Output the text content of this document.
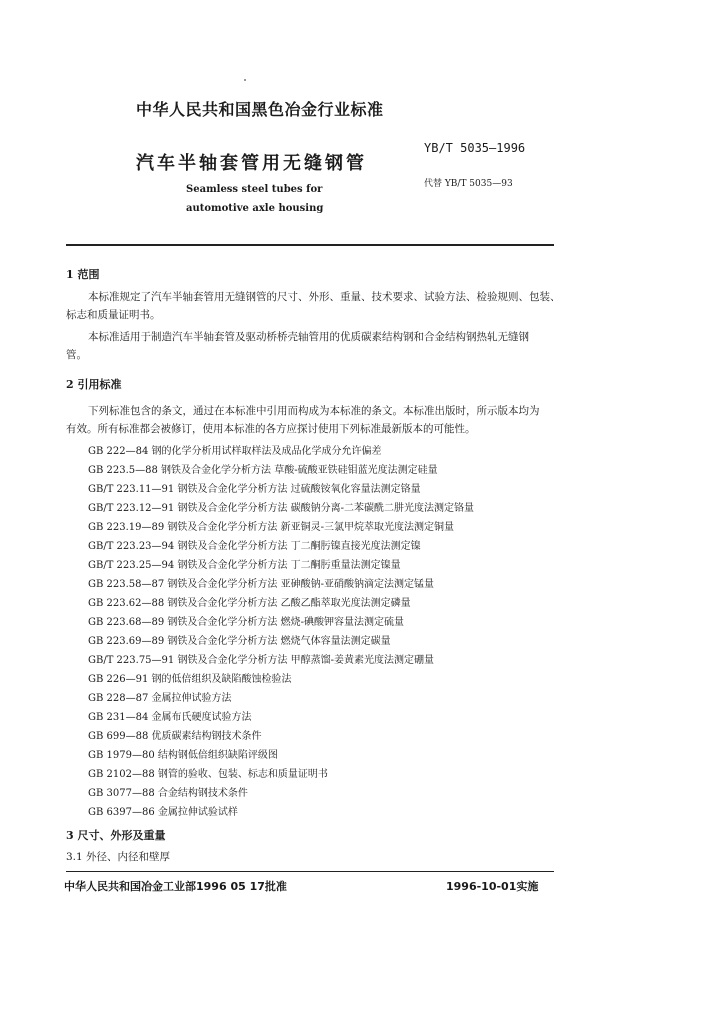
中华人民共和国黑色冶金行业标准
YB/T 5035—1996
汽车半轴套管用无缝钢管
代替 YB/T 5035—93
Seamless steel tubes for
automotive axle housing
1 范围
本标准规定了汽车半轴套管用无缝钢管的尺寸、外形、重量、技术要求、试验方法、检验规则、包装、
标志和质量证明书。
本标准适用于制造汽车半轴套管及驱动桥桥壳轴管用的优质碳素结构钢和合金结构钢热轧无缝钢
管。
2 引用标准
下列标准包含的条文，通过在本标准中引用而构成为本标准的条文。本标准出版时，所示版本均为
有效。所有标准都会被修订，使用本标准的各方应探讨使用下列标准最新版本的可能性。
GB 222—84 钢的化学分析用试样取样法及成品化学成分允许偏差
GB 223.5—88 钢铁及合金化学分析方法 草酸-硫酸亚铁硅钼蓝光度法测定硅量
GB/T 223.11—91 钢铁及合金化学分析方法 过硫酸铵氧化容量法测定铬量
GB/T 223.12—91 钢铁及合金化学分析方法 碳酸钠分离-二苯碳酰二肼光度法测定铬量
GB 223.19—89 钢铁及合金化学分析方法 新亚铜灵-三氯甲烷萃取光度法测定铜量
GB/T 223.23—94 钢铁及合金化学分析方法 丁二酮肟镍直接光度法测定镍
GB/T 223.25—94 钢铁及合金化学分析方法 丁二酮肟重量法测定镍量
GB 223.58—87 钢铁及合金化学分析方法 亚砷酸钠-亚硝酸钠滴定法测定锰量
GB 223.62—88 钢铁及合金化学分析方法 乙酸乙酯萃取光度法测定磷量
GB 223.68—89 钢铁及合金化学分析方法 燃烧-碘酸钾容量法测定硫量
GB 223.69—89 钢铁及合金化学分析方法 燃烧气体容量法测定碳量
GB/T 223.75—91 钢铁及合金化学分析方法 甲醇蒸馏-姜黄素光度法测定硼量
GB 226—91 钢的低倍组织及缺陷酸蚀检验法
GB 228—87 金属拉伸试验方法
GB 231—84 金属布氏硬度试验方法
GB 699—88 优质碳素结构钢技术条件
GB 1979—80 结构钢低倍组织缺陷评级图
GB 2102—88 钢管的验收、包装、标志和质量证明书
GB 3077—88 合金结构钢技术条件
GB 6397—86 金属拉伸试验试样
3 尺寸、外形及重量
3.1 外径、内径和壁厚
中华人民共和国冶金工业部1996 05 17批准	1996-10-01实施
